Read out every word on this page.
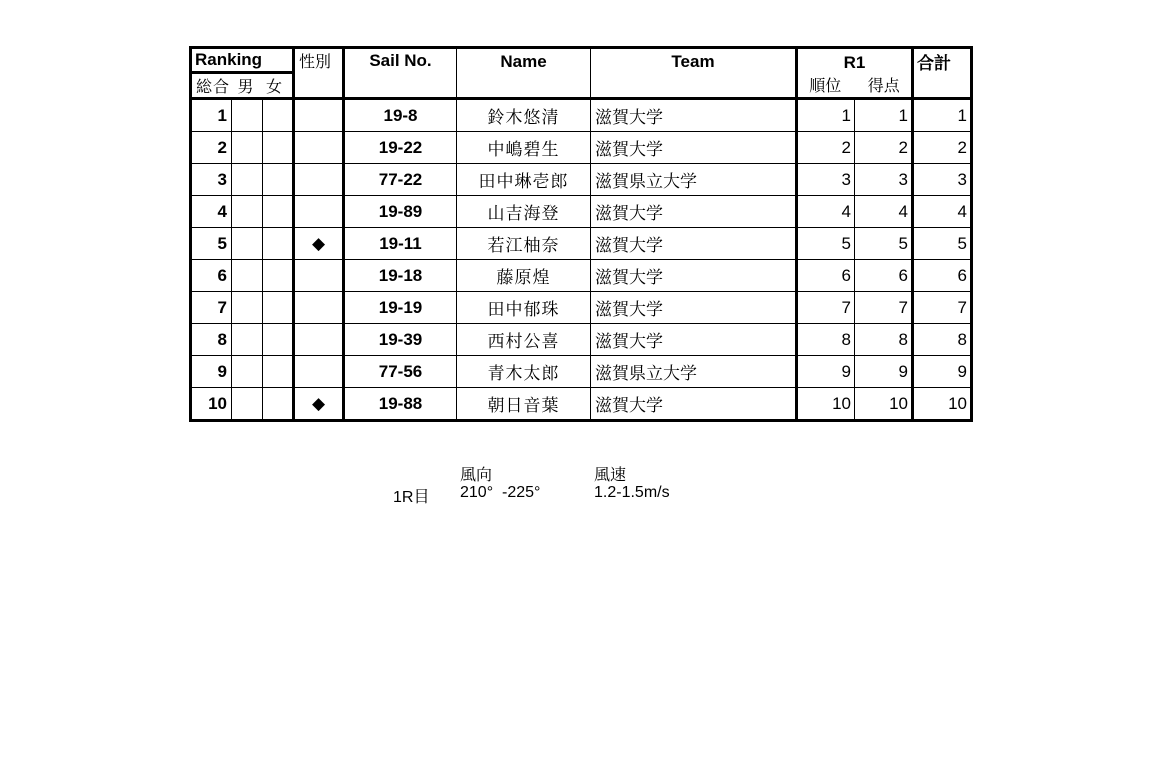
Ranking			性別	Sail No.	Name	Team	R1		合計
総合 男 女							順位 得点		
1				19-8	鈴木悠清	滋賀大学	1	1	1
2				19-22	中嶋碧生	滋賀大学	2	2	2
3				77-22	田中琳壱郎	滋賀県立大学	3	3	3
4				19-89	山吉海登	滋賀大学	4	4	4
5			◆	19-11	若江柚奈	滋賀大学	5	5	5
6				19-18	藤原煌	滋賀大学	6	6	6
7				19-19	田中郁珠	滋賀大学	7	7	7
8				19-39	西村公喜	滋賀大学	8	8	8
9				77-56	青木太郎	滋賀県立大学	9	9	9
10			◆	19-88	朝日音葉	滋賀大学	10	10	10
風向	風速
1R目 210°  -225°	1.2-1.5m/s
